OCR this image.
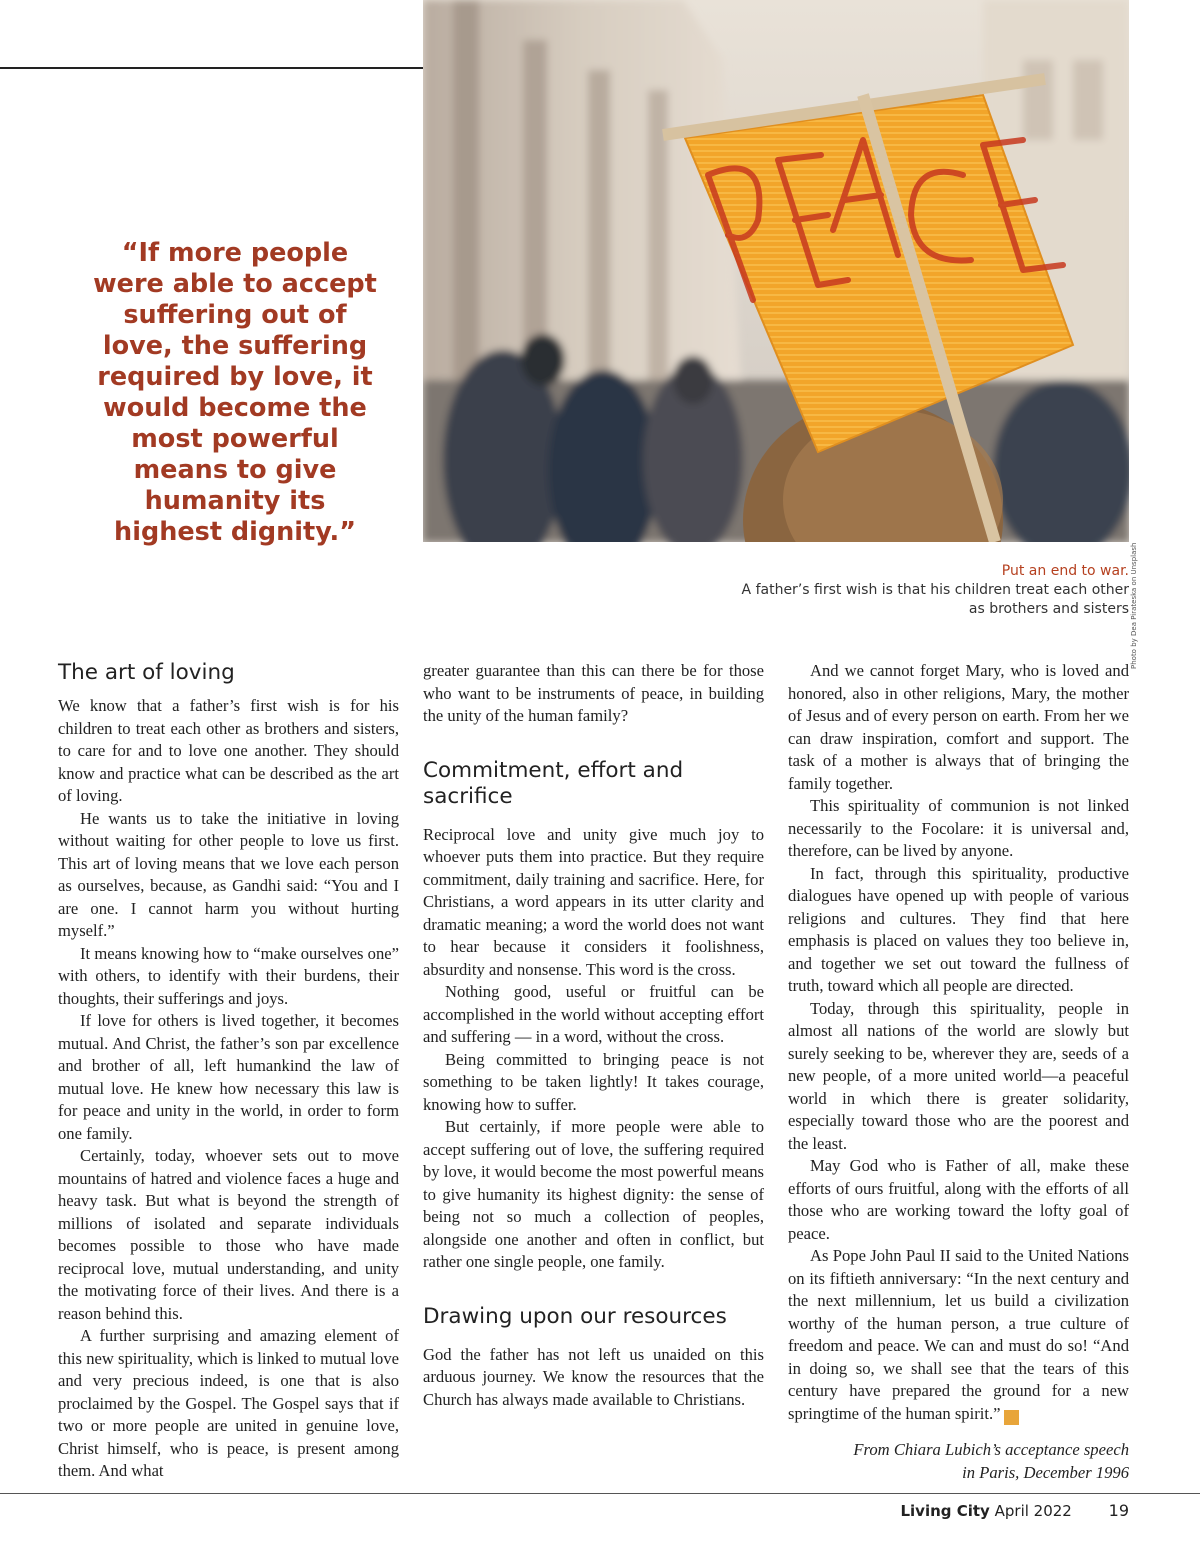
“If more people were able to accept suffering out of love, the suffering required by love, it would become the most powerful means to give humanity its highest dignity.”
Photo by Dea Pirateska on Unsplash
Put an end to war.
A father’s first wish is that his children treat each other as brothers and sisters
The art of loving

We know that a father’s first wish is for his children to treat each other as brothers and sisters, to care for and to love one another. They should know and practice what can be described as the art of loving.

He wants us to take the initiative in loving without waiting for other people to love us first. This art of loving means that we love each person as ourselves, because, as Gandhi said: “You and I are one. I cannot harm you without hurting myself.”

It means knowing how to “make ourselves one” with others, to identify with their burdens, their thoughts, their sufferings and joys.

If love for others is lived together, it becomes mutual. And Christ, the father’s son par excellence and brother of all, left humankind the law of mutual love. He knew how necessary this law is for peace and unity in the world, in order to form one family.

Certainly, today, whoever sets out to move mountains of hatred and violence faces a huge and heavy task. But what is beyond the strength of millions of isolated and separate individuals becomes possible to those who have made reciprocal love, mutual understanding, and unity the motivating force of their lives. And there is a reason behind this.

A further surprising and amazing element of this new spirituality, which is linked to mutual love and very precious indeed, is one that is also proclaimed by the Gospel. The Gospel says that if two or more people are united in genuine love, Christ himself, who is peace, is present among them. And what

greater guarantee than this can there be for those who want to be instruments of peace, in building the unity of the human family?

Commitment, effort and sacrifice

Reciprocal love and unity give much joy to whoever puts them into practice. But they require commitment, daily training and sacrifice. Here, for Christians, a word appears in its utter clarity and dramatic meaning; a word the world does not want to hear because it considers it foolishness, absurdity and nonsense. This word is the cross.

Nothing good, useful or fruitful can be accomplished in the world without accepting effort and suffering — in a word, without the cross.

Being committed to bringing peace is not something to be taken lightly! It takes courage, knowing how to suffer.

But certainly, if more people were able to accept suffering out of love, the suffering required by love, it would become the most powerful means to give humanity its highest dignity: the sense of being not so much a collection of peoples, alongside one another and often in conflict, but rather one single people, one family.

Drawing upon our resources

God the father has not left us unaided on this arduous journey. We know the resources that the Church has always made available to Christians.

And we cannot forget Mary, who is loved and honored, also in other religions, Mary, the mother of Jesus and of every person on earth. From her we can draw inspiration, comfort and support. The task of a mother is always that of bringing the family together.

This spirituality of communion is not linked necessarily to the Focolare: it is universal and, therefore, can be lived by anyone.

In fact, through this spirituality, productive dialogues have opened up with people of various religions and cultures. They find that here emphasis is placed on values they too believe in, and together we set out toward the fullness of truth, toward which all people are directed.

Today, through this spirituality, people in almost all nations of the world are slowly but surely seeking to be, wherever they are, seeds of a new people, of a more united world—a peaceful world in which there is greater solidarity, especially toward those who are the poorest and the least.

May God who is Father of all, make these efforts of ours fruitful, along with the efforts of all those who are working toward the lofty goal of peace.

As Pope John Paul II said to the United Nations on its fiftieth anniversary: “In the next century and the next millennium, let us build a civilization worthy of the human person, a true culture of freedom and peace. We can and must do so! “And in doing so, we shall see that the tears of this century have prepared the ground for a new springtime of the human spirit.”	LC

From Chiara Lubich’s acceptance speech
in Paris, December 1996
Living City April 2022 19
